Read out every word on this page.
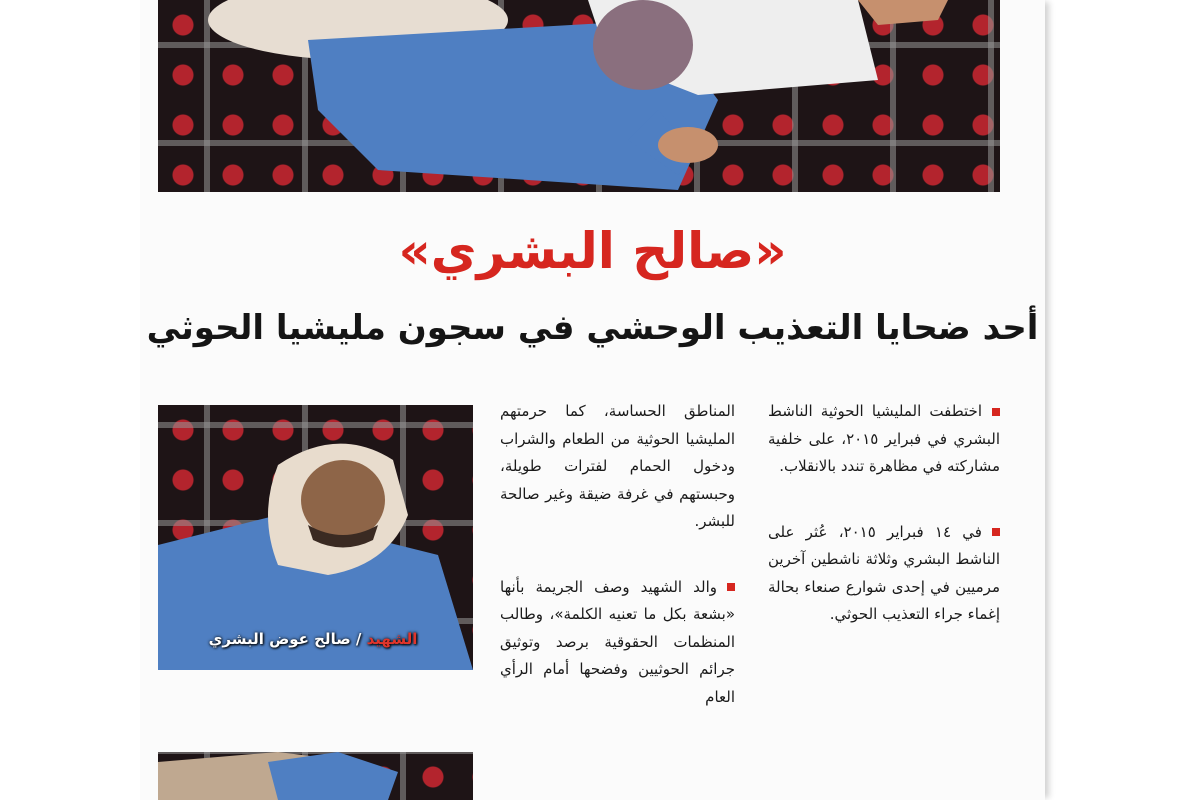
«صالح البشري»
أحد ضحايا التعذيب الوحشي في سجون مليشيا الحوثي

اختطفت المليشيا الحوثية الناشط البشري في فبراير ٢٠١٥، على خلفية مشاركته في مظاهرة تندد بالانقلاب.

في ١٤ فبراير ٢٠١٥، عُثر على الناشط البشري وثلاثة ناشطين آخرين مرميين في إحدى شوارع صنعاء بحالة إغماء جراء التعذيب الحوثي.

المناطق الحساسة، كما حرمتهم المليشيا الحوثية من الطعام والشراب ودخول الحمام لفترات طويلة، وحبستهم في غرفة ضيقة وغير صالحة للبشر.

والد الشهيد وصف الجريمة بأنها «بشعة بكل ما تعنيه الكلمة»، وطالب المنظمات الحقوقية برصد وتوثيق جرائم الحوثيين وفضحها أمام الرأي العام

الشهيد / صالح عوض البشري
